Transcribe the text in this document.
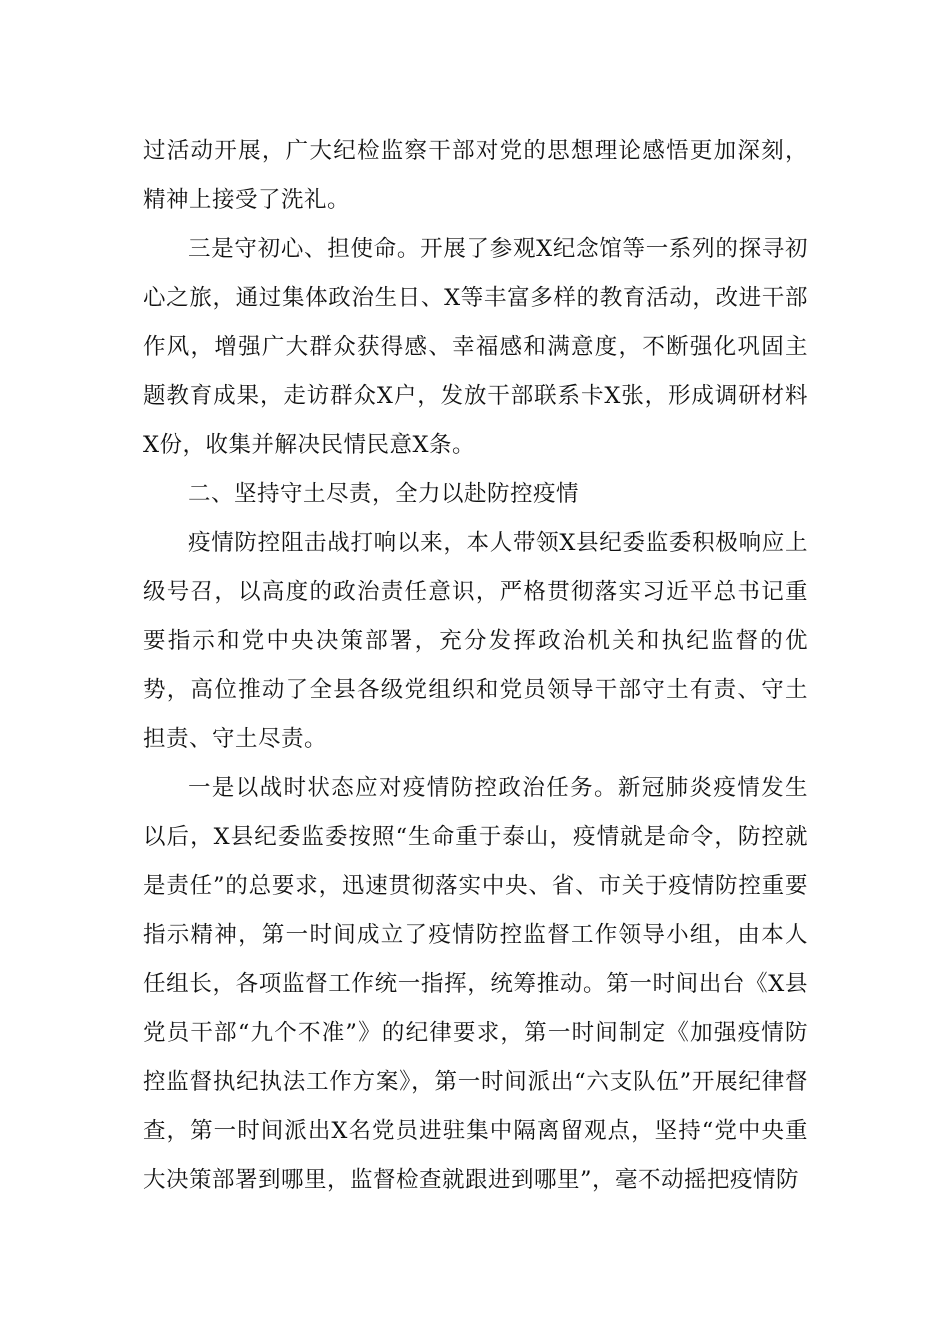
过活动开展，广大纪检监察干部对党的思想理论感悟更加深刻，精神上接受了洗礼。

三是守初心、担使命。开展了参观X纪念馆等一系列的探寻初心之旅，通过集体政治生日、X等丰富多样的教育活动，改进干部作风，增强广大群众获得感、幸福感和满意度，不断强化巩固主题教育成果，走访群众X户，发放干部联系卡X张，形成调研材料X份，收集并解决民情民意X条。

二、坚持守土尽责，全力以赴防控疫情

疫情防控阻击战打响以来，本人带领X县纪委监委积极响应上级号召，以高度的政治责任意识，严格贯彻落实习近平总书记重要指示和党中央决策部署，充分发挥政治机关和执纪监督的优势，高位推动了全县各级党组织和党员领导干部守土有责、守土担责、守土尽责。

一是以战时状态应对疫情防控政治任务。新冠肺炎疫情发生以后，X县纪委监委按照“生命重于泰山，疫情就是命令，防控就是责任”的总要求，迅速贯彻落实中央、省、市关于疫情防控重要指示精神，第一时间成立了疫情防控监督工作领导小组，由本人任组长，各项监督工作统一指挥，统筹推动。第一时间出台《X县党员干部“九个不准”》的纪律要求，第一时间制定《加强疫情防控监督执纪执法工作方案》，第一时间派出“六支队伍”开展纪律督查，第一时间派出X名党员进驻集中隔离留观点，坚持“党中央重大决策部署到哪里，监督检查就跟进到哪里”，毫不动摇把疫情防
